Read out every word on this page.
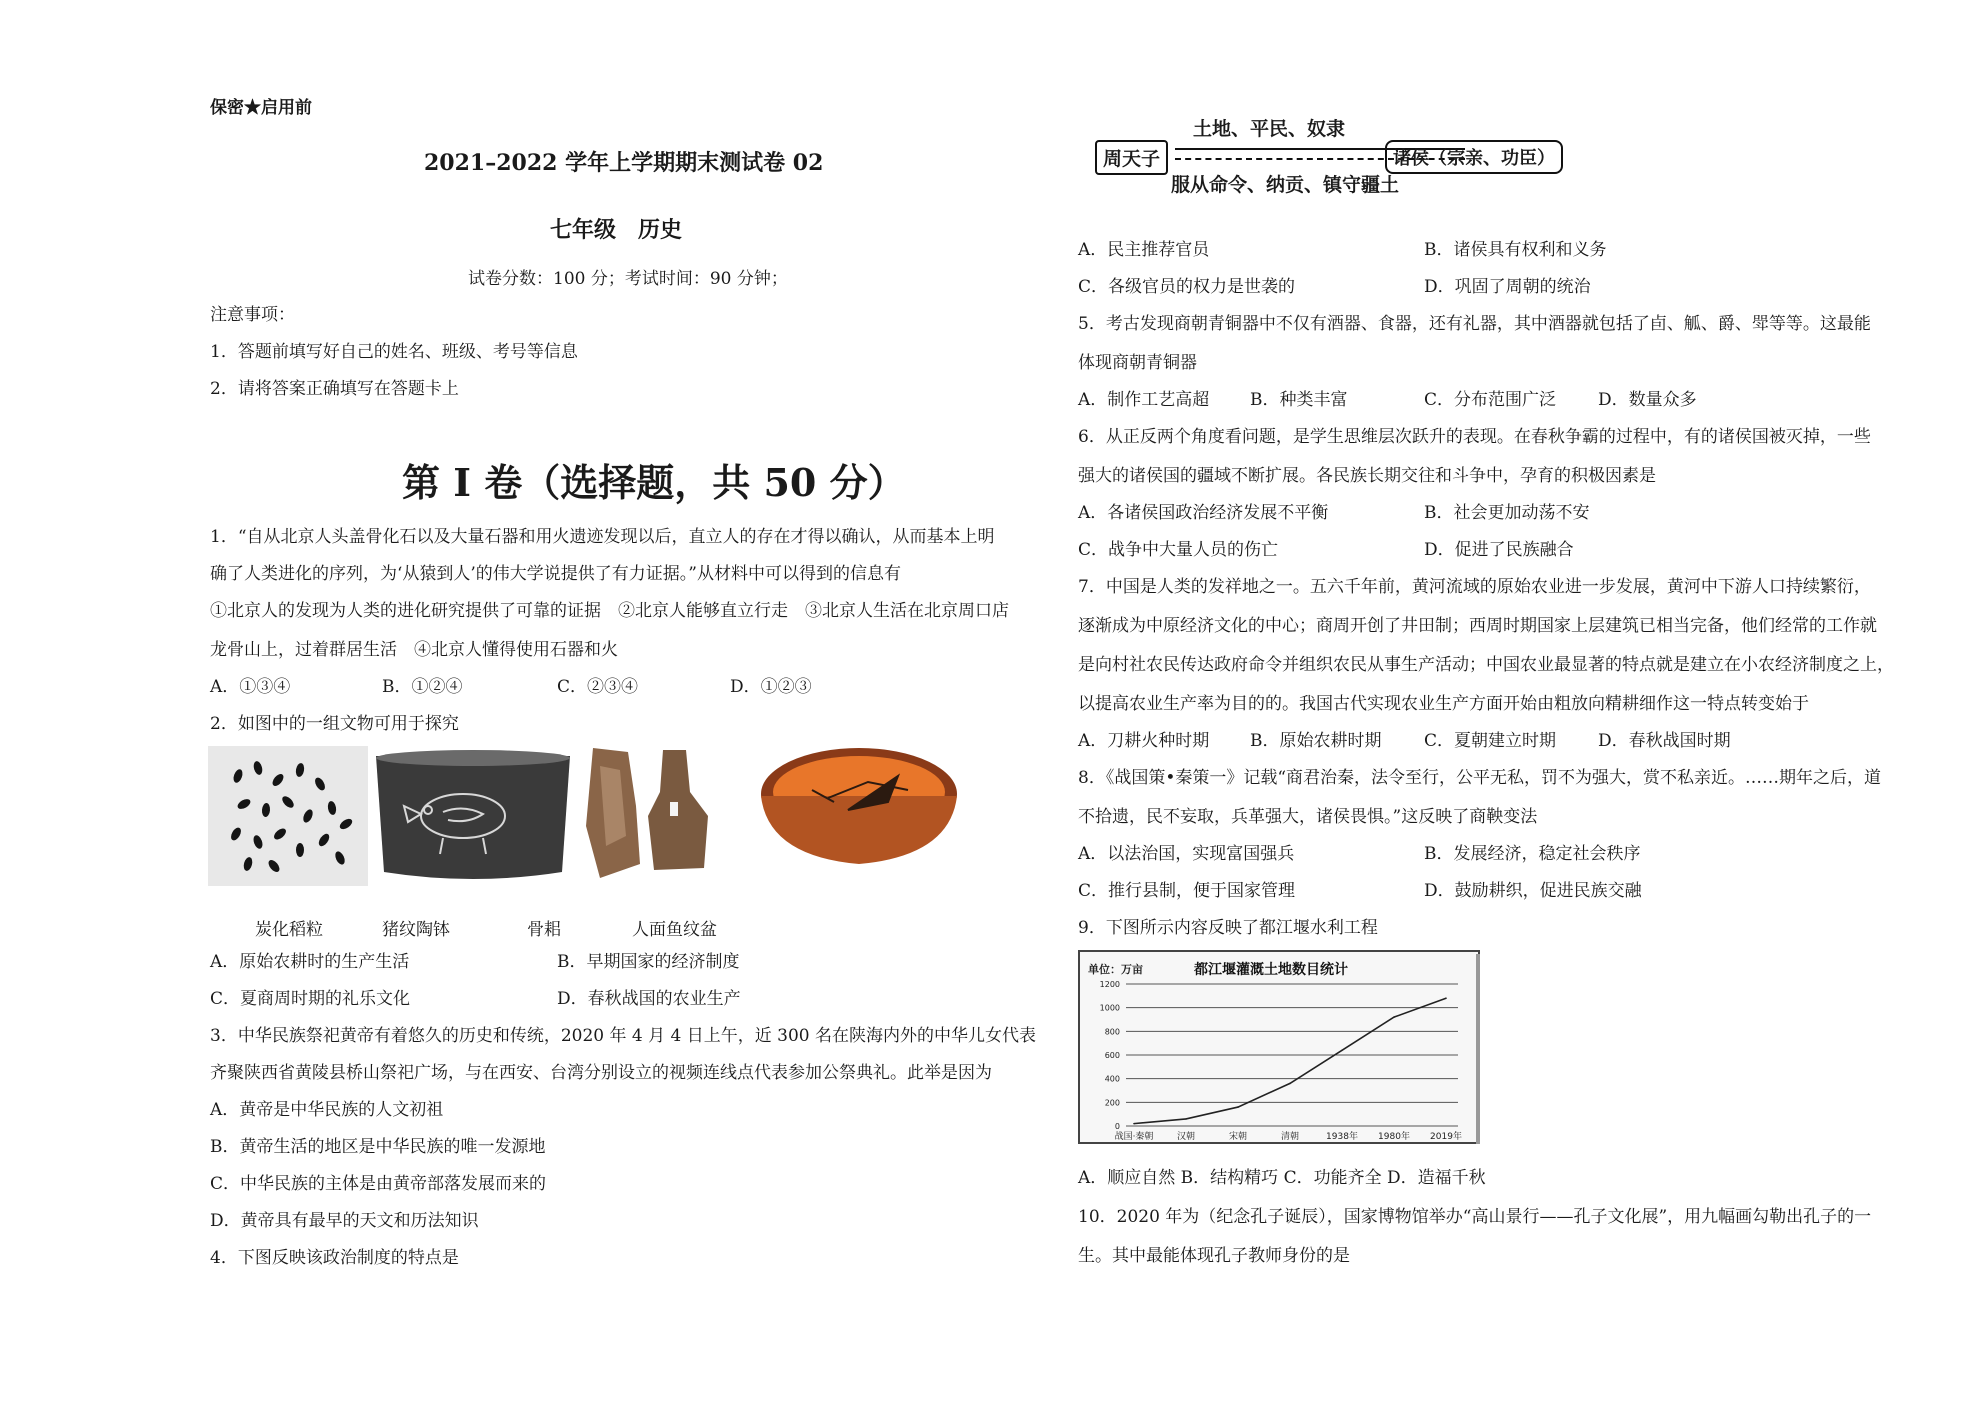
保密★启用前
2021–2022 学年上学期期末测试卷 02
七年级　历史
试卷分数：100 分；考试时间：90 分钟；
注意事项：
1．答题前填写好自己的姓名、班级、考号等信息
2．请将答案正确填写在答题卡上
第 I 卷（选择题，共 50 分）
1．“自从北京人头盖骨化石以及大量石器和用火遗迹发现以后，直立人的存在才得以确认，从而基本上明
确了人类进化的序列，为‘从猿到人’的伟大学说提供了有力证据。”从材料中可以得到的信息有
①北京人的发现为人类的进化研究提供了可靠的证据　②北京人能够直立行走　③北京人生活在北京周口店
龙骨山上，过着群居生活　④北京人懂得使用石器和火
A．①③④	B．①②④	C．②③④	D．①②③
2．如图中的一组文物可用于探究
炭化稻粒	猪纹陶钵	骨耜	人面鱼纹盆
A．原始农耕时的生产生活	B．早期国家的经济制度
C．夏商周时期的礼乐文化	D．春秋战国的农业生产
3．中华民族祭祀黄帝有着悠久的历史和传统，2020 年 4 月 4 日上午，近 300 名在陕海内外的中华儿女代表
齐聚陕西省黄陵县桥山祭祀广场，与在西安、台湾分别设立的视频连线点代表参加公祭典礼。此举是因为
A．黄帝是中华民族的人文初祖
B．黄帝生活的地区是中华民族的唯一发源地
C．中华民族的主体是由黄帝部落发展而来的
D．黄帝具有最早的天文和历法知识
4．下图反映该政治制度的特点是
土地、平民、奴隶
周天子	诸侯（宗亲、功臣）
服从命令、纳贡、镇守疆土
A．民主推荐官员	B．诸侯具有权利和义务
C．各级官员的权力是世袭的	D．巩固了周朝的统治
5．考古发现商朝青铜器中不仅有酒器、食器，还有礼器，其中酒器就包括了卣、觚、爵、斝等等。这最能
体现商朝青铜器
A．制作工艺高超 B．种类丰富	C．分布范围广泛 D．数量众多
6．从正反两个角度看问题，是学生思维层次跃升的表现。在春秋争霸的过程中，有的诸侯国被灭掉，一些
强大的诸侯国的疆域不断扩展。各民族长期交往和斗争中，孕育的积极因素是
A．各诸侯国政治经济发展不平衡	B．社会更加动荡不安
C．战争中大量人员的伤亡	D．促进了民族融合
7．中国是人类的发祥地之一。五六千年前，黄河流域的原始农业进一步发展，黄河中下游人口持续繁衍，
逐渐成为中原经济文化的中心；商周开创了井田制；西周时期国家上层建筑已相当完备，他们经常的工作就
是向村社农民传达政府命令并组织农民从事生产活动；中国农业最显著的特点就是建立在小农经济制度之上，
以提高农业生产率为目的的。我国古代实现农业生产方面开始由粗放向精耕细作这一特点转变始于
A．刀耕火种时期 B．原始农耕时期	C．夏朝建立时期 D．春秋战国时期
8．《战国策•秦策一》记载“商君治秦，法令至行，公平无私，罚不为强大，赏不私亲近。……期年之后，道
不拾遗，民不妄取，兵革强大，诸侯畏惧。”这反映了商鞅变法
A．以法治国，实现富国强兵	B．发展经济，稳定社会秩序
C．推行县制，便于国家管理	D．鼓励耕织，促进民族交融
9．下图所示内容反映了都江堰水利工程
单位：万亩	都江堰灌溉土地数目统计
0
200
400
600
800
1000
1200
战国·秦朝	汉朝	宋朝	清朝	1938年 1980年 2019年
A．顺应自然 B．结构精巧 C．功能齐全 D．造福千秋
10．2020 年为（纪念孔子诞辰），国家博物馆举办“高山景行——孔子文化展”，用九幅画勾勒出孔子的一
生。其中最能体现孔子教师身份的是
